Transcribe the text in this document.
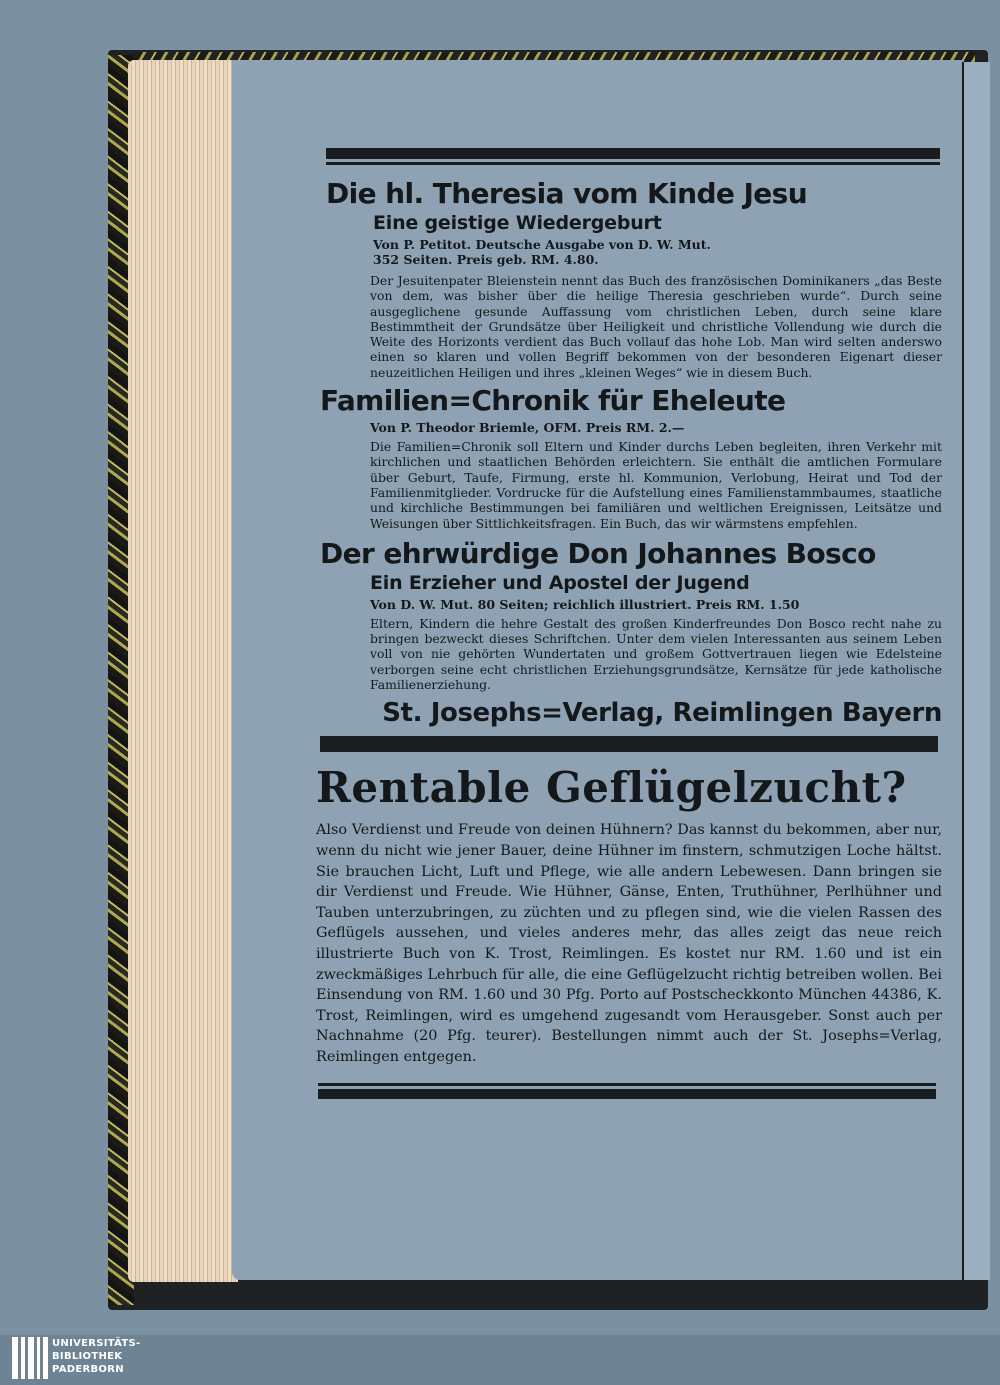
Die hl. Theresia vom Kinde Jesu
Eine geistige Wiedergeburt
Von P. Petitot. Deutsche Ausgabe von D. W. Mut.
352 Seiten. Preis geb. RM. 4.80.

Der Jesuitenpater Bleienstein nennt das Buch des französischen Dominikaners „das Beste von dem, was bisher über die heilige Theresia geschrieben wurde“. Durch seine ausgeglichene gesunde Auffassung vom christlichen Leben, durch seine klare Bestimmtheit der Grundsätze über Heiligkeit und christliche Vollendung wie durch die Weite des Horizonts verdient das Buch vollauf das hohe Lob. Man wird selten anderswo einen so klaren und vollen Begriff bekommen von der besonderen Eigenart dieser neuzeitlichen Heiligen und ihres „kleinen Weges“ wie in diesem Buch.

Familien=Chronik für Eheleute
Von P. Theodor Briemle, OFM. Preis RM. 2.—

Die Familien=Chronik soll Eltern und Kinder durchs Leben begleiten, ihren Verkehr mit kirchlichen und staatlichen Behörden erleichtern. Sie enthält die amtlichen Formulare über Geburt, Taufe, Firmung, erste hl. Kommunion, Verlobung, Heirat und Tod der Familienmitglieder. Vordrucke für die Aufstellung eines Familienstammbaumes, staatliche und kirchliche Bestimmungen bei familiären und weltlichen Ereignissen, Leitsätze und Weisungen über Sittlichkeitsfragen. Ein Buch, das wir wärmstens empfehlen.

Der ehrwürdige Don Johannes Bosco
Ein Erzieher und Apostel der Jugend
Von D. W. Mut. 80 Seiten; reichlich illustriert. Preis RM. 1.50

Eltern, Kindern die hehre Gestalt des großen Kinderfreundes Don Bosco recht nahe zu bringen bezweckt dieses Schriftchen. Unter dem vielen Interessanten aus seinem Leben voll von nie gehörten Wundertaten und großem Gottvertrauen liegen wie Edelsteine verborgen seine echt christlichen Erziehungsgrundsätze, Kernsätze für jede katholische Familienerziehung.

St. Josephs=Verlag, Reimlingen Bayern
Rentable Geflügelzucht?

Also Verdienst und Freude von deinen Hühnern? Das kannst du bekommen, aber nur, wenn du nicht wie jener Bauer, deine Hühner im finstern, schmutzigen Loche hältst. Sie brauchen Licht, Luft und Pflege, wie alle andern Lebewesen. Dann bringen sie dir Verdienst und Freude. Wie Hühner, Gänse, Enten, Truthühner, Perlhühner und Tauben unterzubringen, zu züchten und zu pflegen sind, wie die vielen Rassen des Geflügels aussehen, und vieles anderes mehr, das alles zeigt das neue reich illustrierte Buch von K. Trost, Reimlingen. Es kostet nur RM. 1.60 und ist ein zweckmäßiges Lehrbuch für alle, die eine Geflügelzucht richtig betreiben wollen. Bei Einsendung von RM. 1.60 und 30 Pfg. Porto auf Postscheckkonto München 44386, K. Trost, Reimlingen, wird es umgehend zugesandt vom Herausgeber. Sonst auch per Nachnahme (20 Pfg. teurer). Bestellungen nimmt auch der St. Josephs=Verlag, Reimlingen entgegen.

UNIVERSITÄTS-
BIBLIOTHEK
PADERBORN
